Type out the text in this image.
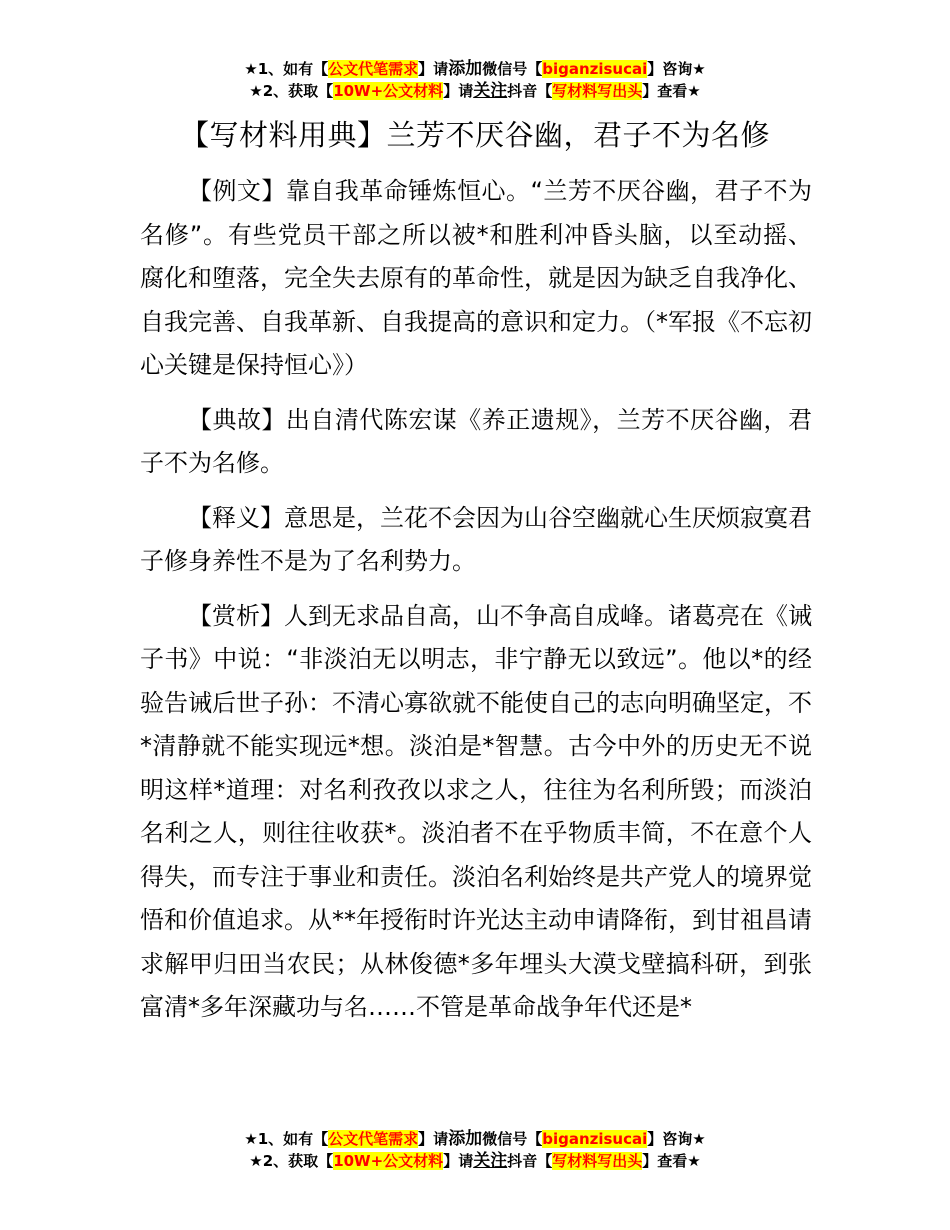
★1、如有【公文代笔需求】请添加微信号【biganzisucai】咨询★
★2、获取【10W+公文材料】请关注抖音【写材料写出头】查看★
【写材料用典】兰芳不厌谷幽，君子不为名修

【例文】靠自我革命锤炼恒心。“兰芳不厌谷幽，君子不为名修”。有些党员干部之所以被*和胜利冲昏头脑，以至动摇、腐化和堕落，完全失去原有的革命性，就是因为缺乏自我净化、自我完善、自我革新、自我提高的意识和定力。（*军报《不忘初心关键是保持恒心》）

【典故】出自清代陈宏谋《养正遗规》，兰芳不厌谷幽，君子不为名修。

【释义】意思是，兰花不会因为山谷空幽就心生厌烦寂寞君子修身养性不是为了名利势力。

【赏析】人到无求品自高，山不争高自成峰。诸葛亮在《诫子书》中说：“非淡泊无以明志，非宁静无以致远”。他以*的经验告诫后世子孙：不清心寡欲就不能使自己的志向明确坚定，不*清静就不能实现远*想。淡泊是*智慧。古今中外的历史无不说明这样*道理：对名利孜孜以求之人，往往为名利所毁；而淡泊名利之人，则往往收获*。淡泊者不在乎物质丰简，不在意个人得失，而专注于事业和责任。淡泊名利始终是共产党人的境界觉悟和价值追求。从**年授衔时许光达主动申请降衔，到甘祖昌请求解甲归田当农民；从林俊德*多年埋头大漠戈壁搞科研，到张富清*多年深藏功与名……不管是革命战争年代还是*

★1、如有【公文代笔需求】请添加微信号【biganzisucai】咨询★
★2、获取【10W+公文材料】请关注抖音【写材料写出头】查看★
